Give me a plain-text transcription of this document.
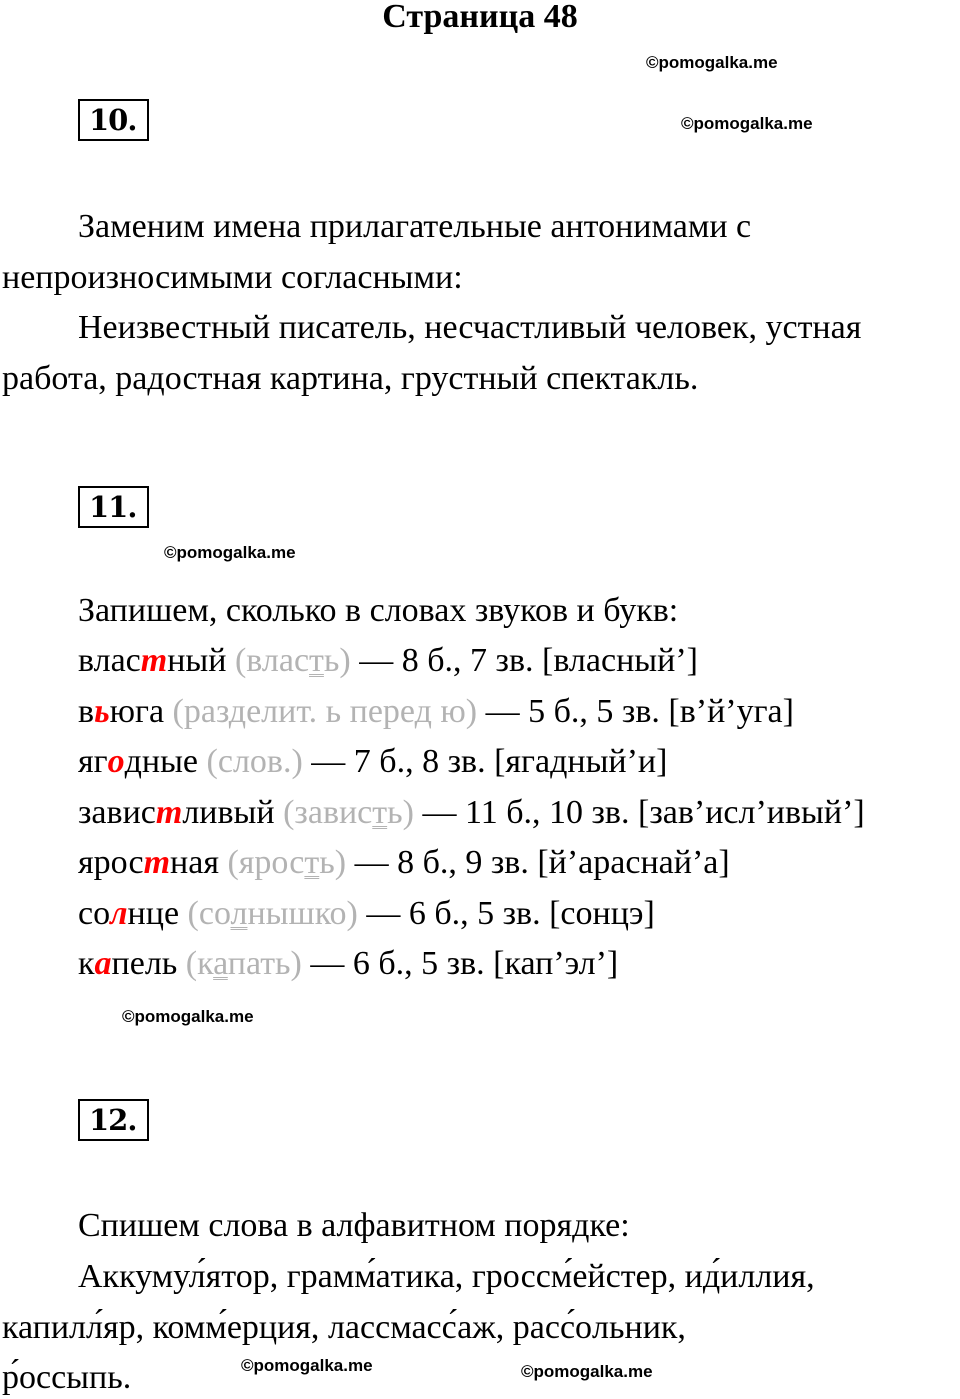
Страница 48
©pomogalka.me
©pomogalka.me
©pomogalka.me
©pomogalka.me
©pomogalka.me	©pomogalka.me
10.
Заменим имена прилагательные антонимами с
непроизносимыми согласными:
Неизвестный писатель, несчастливый человек, устная
работа, радостная картина, грустный спектакль.
11.
Запишем, сколько в словах звуков и букв:
властный (власть) — 8 б., 7 зв. [власный’]
вьюга (разделит. ь перед ю) — 5 б., 5 зв. [в’й’уга]
ягодные (слов.) — 7 б., 8 зв. [ягадный’и]
завистливый (зависть) — 11 б., 10 зв. [зав’исл’ивый’]
яростная (ярость) — 8 б., 9 зв. [й’араснай’а]
солнце (солнышко) — 6 б., 5 зв. [сонцэ]
капель (капать) — 6 б., 5 зв. [кап’эл’]
12.
Спишем слова в алфавитном порядке:
Аккумуля ́тор, грамма ́тика, гроссме ́йстер, иди ́ллия,
капилля ́р, комме ́рция, лaccмасса ́ж, рассо ́льник,
ро ́ссыпь.
